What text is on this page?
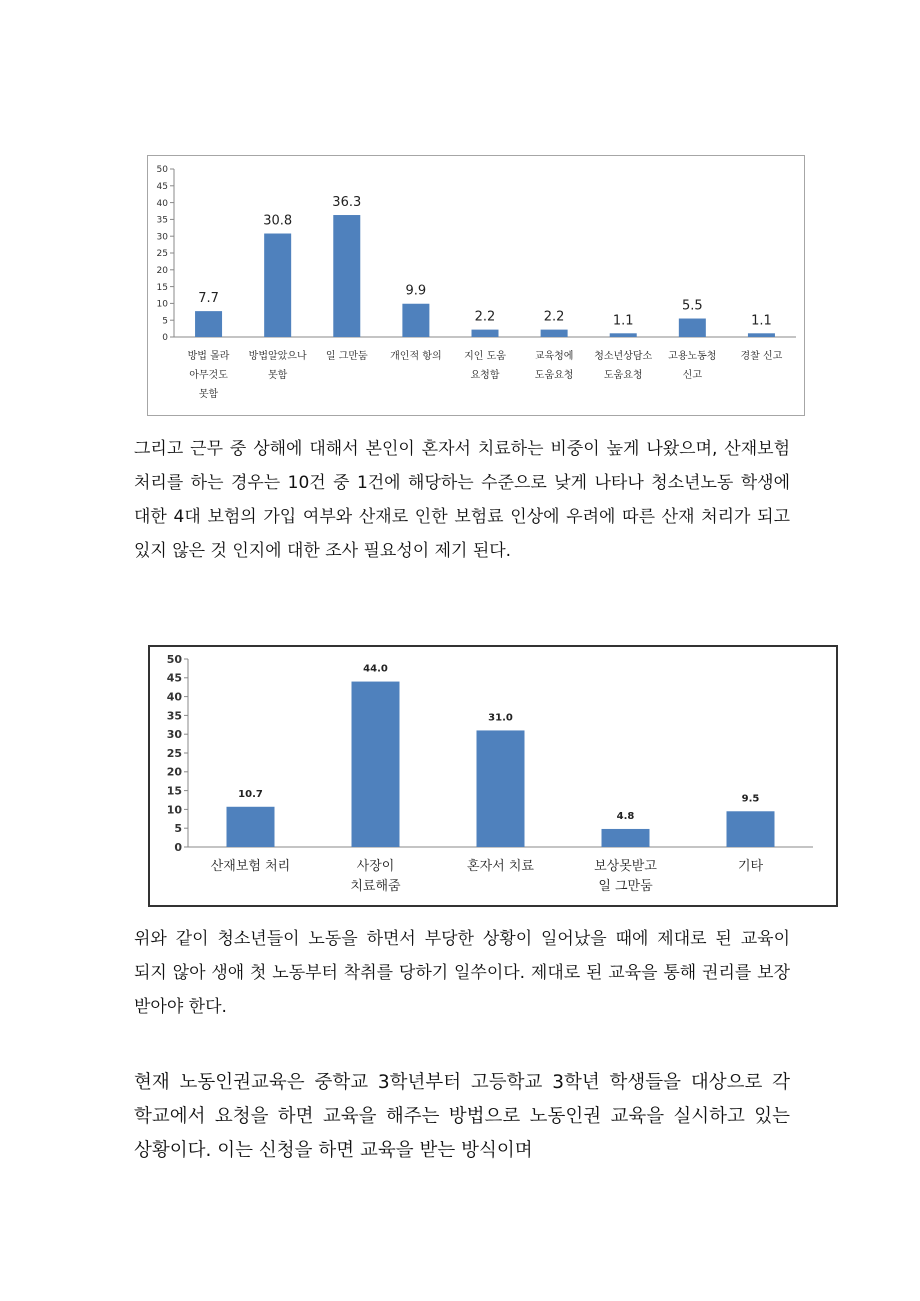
0
5
10
15
20
25
30
35
40
45
50
7.7
방법 몰라
아무것도
못함
30.8
방법알았으나
못함
36.3
일 그만둠
9.9
개인적 항의
2.2
지인 도움
요청함
2.2
교육청에
도움요청
1.1
청소년상담소
도움요청
5.5
고용노동청
신고
1.1
경찰 신고

그리고 근무 중 상해에 대해서 본인이 혼자서 치료하는 비중이 높게 나왔으며, 산재보험 처리를 하는 경우는 10건 중 1건에 해당하는 수준으로 낮게 나타나 청소년노동 학생에 대한 4대 보험의 가입 여부와 산재로 인한 보험료 인상에 우려에 따른 산재 처리가 되고 있지 않은 것 인지에 대한 조사 필요성이 제기 된다.

0
5
10
15
20
25
30
35
40
45
50
10.7
산재보험 처리
44.0
사장이
치료해줌
31.0
혼자서 치료
4.8
보상못받고
일 그만둠
9.5
기타

위와 같이 청소년들이 노동을 하면서 부당한 상황이 일어났을 때에 제대로 된 교육이 되지 않아 생애 첫 노동부터 착취를 당하기 일쑤이다. 제대로 된 교육을 통해 권리를 보장 받아야 한다.

현재 노동인권교육은 중학교 3학년부터 고등학교 3학년 학생들을 대상으로 각 학교에서 요청을 하면 교육을 해주는 방법으로 노동인권 교육을 실시하고 있는 상황이다. 이는 신청을 하면 교육을 받는 방식이며
